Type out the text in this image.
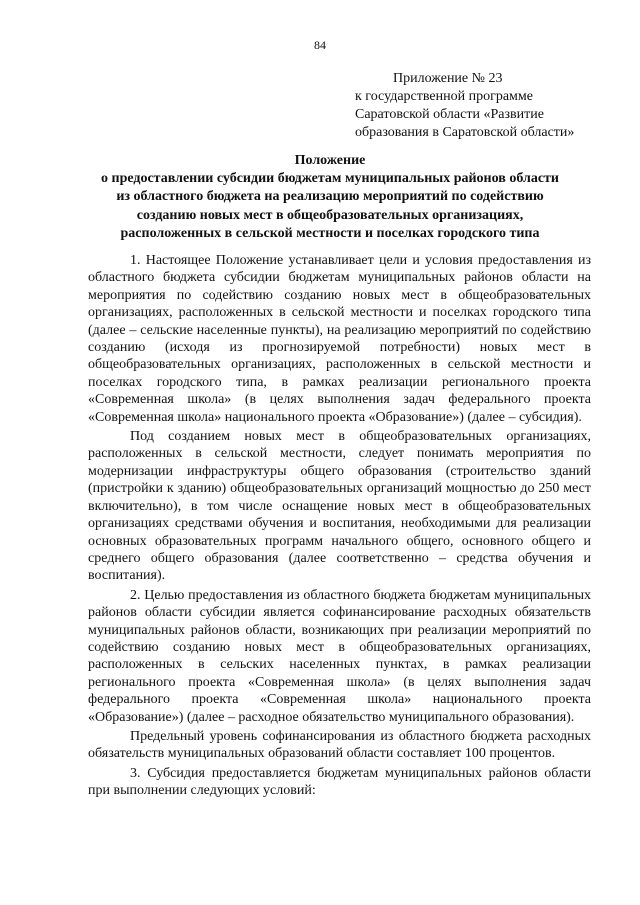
84
Приложение № 23
к государственной программе
Саратовской области «Развитие
образования в Саратовской области»
Положение
о предоставлении субсидии бюджетам муниципальных районов области
из областного бюджета на реализацию мероприятий по содействию
созданию новых мест в общеобразовательных организациях,
расположенных в сельской местности и поселках городского типа

1. Настоящее Положение устанавливает цели и условия предоставления из областного бюджета субсидии бюджетам муниципальных районов области на мероприятия по содействию созданию новых мест в общеобразовательных организациях, расположенных в сельской местности и поселках городского типа (далее – сельские населенные пункты), на реализацию мероприятий по содействию созданию (исходя из прогнозируемой потребности) новых мест в общеобразовательных организациях, расположенных в сельской местности и поселках городского типа, в рамках реализации регионального проекта «Современная школа» (в целях выполнения задач федерального проекта «Современная школа» национального проекта «Образование») (далее – субсидия).

Под созданием новых мест в общеобразовательных организациях, расположенных в сельской местности, следует понимать мероприятия по модернизации инфраструктуры общего образования (строительство зданий (пристройки к зданию) общеобразовательных организаций мощностью до 250 мест включительно), в том числе оснащение новых мест в общеобразовательных организациях средствами обучения и воспитания, необходимыми для реализации основных образовательных программ начального общего, основного общего и среднего общего образования (далее соответственно – средства обучения и воспитания).

2. Целью предоставления из областного бюджета бюджетам муниципальных районов области субсидии является софинансирование расходных обязательств муниципальных районов области, возникающих при реализации мероприятий по содействию созданию новых мест в общеобразовательных организациях, расположенных в сельских населенных пунктах, в рамках реализации регионального проекта «Современная школа» (в целях выполнения задач федерального проекта «Современная школа» национального проекта «Образование») (далее – расходное обязательство муниципального образования).

Предельный уровень софинансирования из областного бюджета расходных обязательств муниципальных образований области составляет 100 процентов.

3. Субсидия предоставляется бюджетам муниципальных районов области при выполнении следующих условий:
